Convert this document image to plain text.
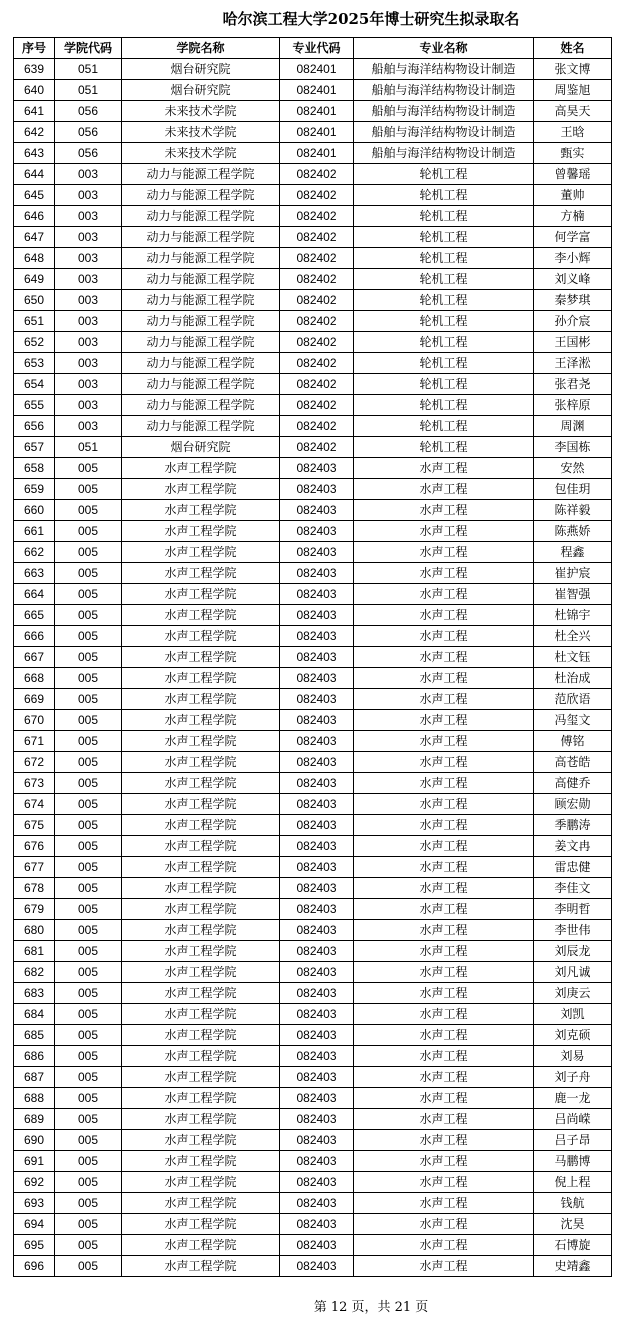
哈尔滨工程大学2025年博士研究生拟录取名
序号	学院代码	学院名称	专业代码	专业名称	姓名
639	051	烟台研究院	082401	船舶与海洋结构物设计制造	张文博
640	051	烟台研究院	082401	船舶与海洋结构物设计制造	周鉴旭
641	056	未来技术学院	082401	船舶与海洋结构物设计制造	高昊天
642	056	未来技术学院	082401	船舶与海洋结构物设计制造	王晗
643	056	未来技术学院	082401	船舶与海洋结构物设计制造	甄实
644	003	动力与能源工程学院	082402	轮机工程	曾馨瑶
645	003	动力与能源工程学院	082402	轮机工程	董帅
646	003	动力与能源工程学院	082402	轮机工程	方楠
647	003	动力与能源工程学院	082402	轮机工程	何学富
648	003	动力与能源工程学院	082402	轮机工程	李小辉
649	003	动力与能源工程学院	082402	轮机工程	刘义峰
650	003	动力与能源工程学院	082402	轮机工程	秦梦琪
651	003	动力与能源工程学院	082402	轮机工程	孙介宸
652	003	动力与能源工程学院	082402	轮机工程	王国彬
653	003	动力与能源工程学院	082402	轮机工程	王泽淞
654	003	动力与能源工程学院	082402	轮机工程	张君尧
655	003	动力与能源工程学院	082402	轮机工程	张梓原
656	003	动力与能源工程学院	082402	轮机工程	周渊
657	051	烟台研究院	082402	轮机工程	李国栋
658	005	水声工程学院	082403	水声工程	安然
659	005	水声工程学院	082403	水声工程	包佳玥
660	005	水声工程学院	082403	水声工程	陈祥毅
661	005	水声工程学院	082403	水声工程	陈燕娇
662	005	水声工程学院	082403	水声工程	程鑫
663	005	水声工程学院	082403	水声工程	崔护宸
664	005	水声工程学院	082403	水声工程	崔智强
665	005	水声工程学院	082403	水声工程	杜锦宇
666	005	水声工程学院	082403	水声工程	杜全兴
667	005	水声工程学院	082403	水声工程	杜文钰
668	005	水声工程学院	082403	水声工程	杜治成
669	005	水声工程学院	082403	水声工程	范欣语
670	005	水声工程学院	082403	水声工程	冯玺文
671	005	水声工程学院	082403	水声工程	傅铭
672	005	水声工程学院	082403	水声工程	高苍皓
673	005	水声工程学院	082403	水声工程	高健乔
674	005	水声工程学院	082403	水声工程	顾宏勋
675	005	水声工程学院	082403	水声工程	季鹏涛
676	005	水声工程学院	082403	水声工程	姜文冉
677	005	水声工程学院	082403	水声工程	雷忠健
678	005	水声工程学院	082403	水声工程	李佳文
679	005	水声工程学院	082403	水声工程	李明哲
680	005	水声工程学院	082403	水声工程	李世伟
681	005	水声工程学院	082403	水声工程	刘辰龙
682	005	水声工程学院	082403	水声工程	刘凡诚
683	005	水声工程学院	082403	水声工程	刘庚云
684	005	水声工程学院	082403	水声工程	刘凯
685	005	水声工程学院	082403	水声工程	刘克硕
686	005	水声工程学院	082403	水声工程	刘易
687	005	水声工程学院	082403	水声工程	刘子舟
688	005	水声工程学院	082403	水声工程	鹿一龙
689	005	水声工程学院	082403	水声工程	吕尚嵘
690	005	水声工程学院	082403	水声工程	吕子昂
691	005	水声工程学院	082403	水声工程	马鹏博
692	005	水声工程学院	082403	水声工程	倪上程
693	005	水声工程学院	082403	水声工程	钱航
694	005	水声工程学院	082403	水声工程	沈昊
695	005	水声工程学院	082403	水声工程	石博旋
696	005	水声工程学院	082403	水声工程	史靖鑫
第 12 页，共 21 页
